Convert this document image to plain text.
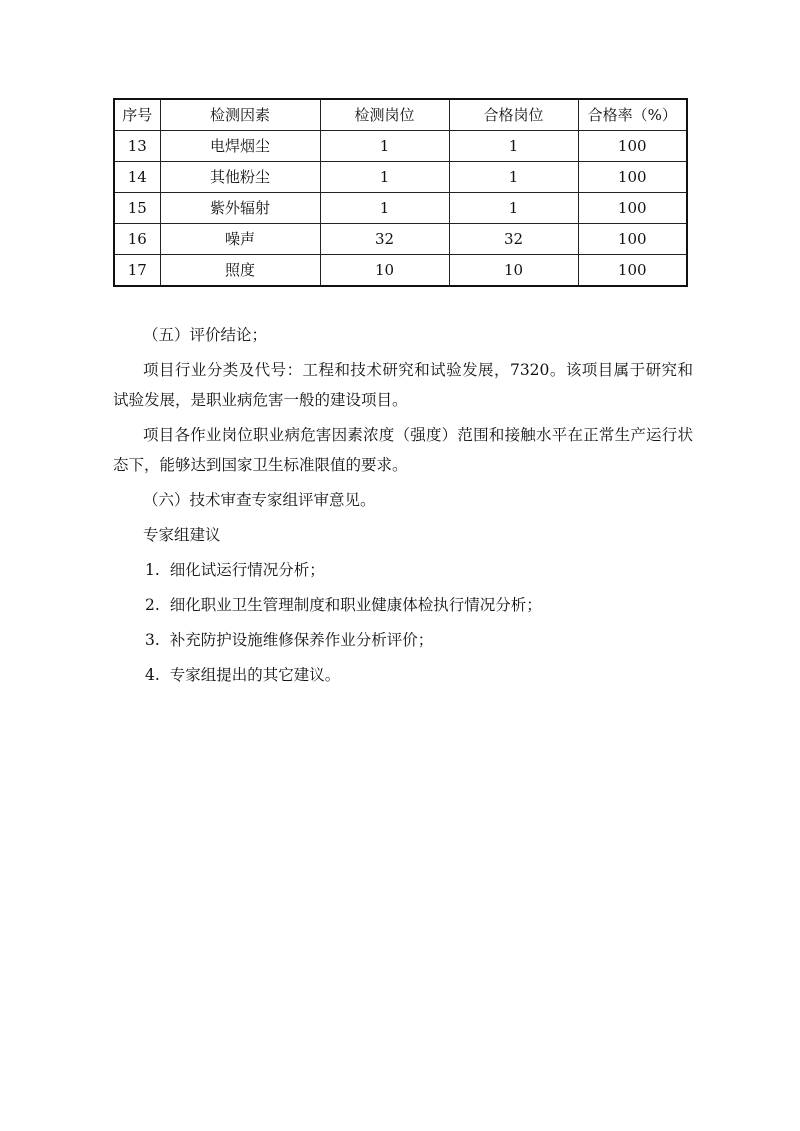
序号	检测因素	检测岗位	合格岗位	合格率（%）
13	电焊烟尘	1	1	100
14	其他粉尘	1	1	100
15	紫外辐射	1	1	100
16	噪声	32	32	100
17	照度	10	10	100

（五）评价结论；

项目行业分类及代号：工程和技术研究和试验发展，7320。该项目属于研究和试验发展，是职业病危害一般的建设项目。

项目各作业岗位职业病危害因素浓度（强度）范围和接触水平在正常生产运行状态下，能够达到国家卫生标准限值的要求。

（六）技术审查专家组评审意见。

专家组建议

1. 细化试运行情况分析；

2. 细化职业卫生管理制度和职业健康体检执行情况分析；

3. 补充防护设施维修保养作业分析评价；

4. 专家组提出的其它建议。
